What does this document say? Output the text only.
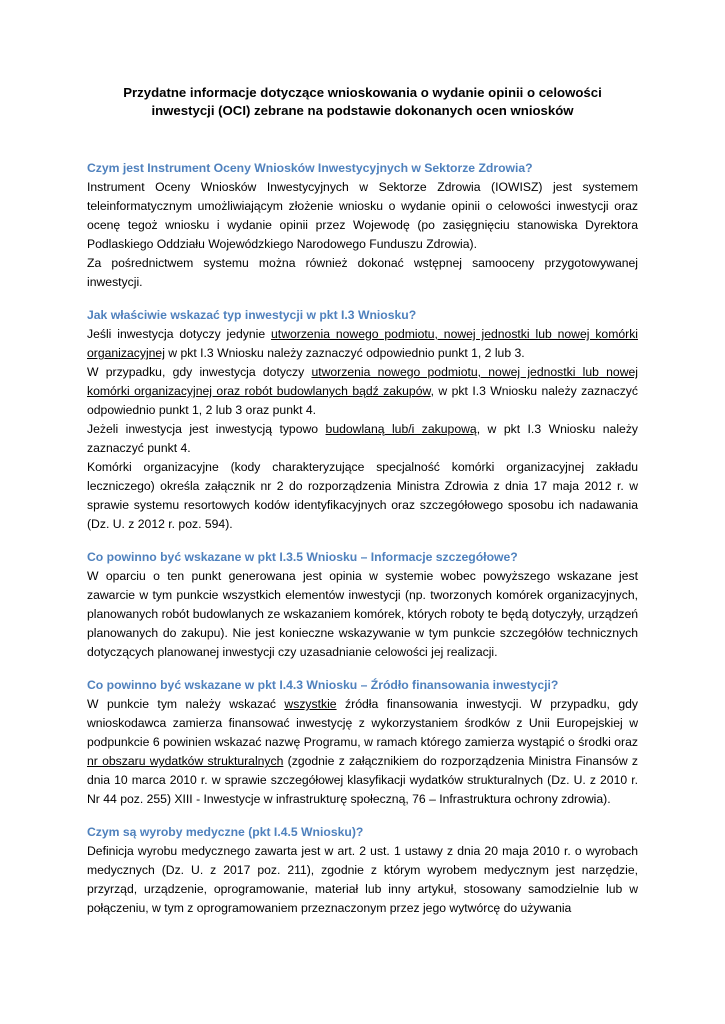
Przydatne informacje dotyczące wnioskowania o wydanie opinii o celowości
inwestycji (OCI) zebrane na podstawie dokonanych ocen wniosków
Czym jest Instrument Oceny Wniosków Inwestycyjnych w Sektorze Zdrowia?

Instrument Oceny Wniosków Inwestycyjnych w Sektorze Zdrowia (IOWISZ) jest systemem teleinformatycznym umożliwiającym złożenie wniosku o wydanie opinii o celowości inwestycji oraz ocenę tegoż wniosku i wydanie opinii przez Wojewodę (po zasięgnięciu stanowiska Dyrektora Podlaskiego Oddziału Wojewódzkiego Narodowego Funduszu Zdrowia).

Za pośrednictwem systemu można również dokonać wstępnej samooceny przygotowywanej inwestycji.

Jak właściwie wskazać typ inwestycji w pkt I.3 Wniosku?

Jeśli inwestycja dotyczy jedynie utworzenia nowego podmiotu, nowej jednostki lub nowej komórki organizacyjnej w pkt I.3 Wniosku należy zaznaczyć odpowiednio punkt 1, 2 lub 3.

W przypadku, gdy inwestycja dotyczy utworzenia nowego podmiotu, nowej jednostki lub nowej komórki organizacyjnej oraz robót budowlanych bądź zakupów, w pkt I.3 Wniosku należy zaznaczyć odpowiednio punkt 1, 2 lub 3 oraz punkt 4.

Jeżeli inwestycja jest inwestycją typowo budowlaną lub/i zakupową, w pkt I.3 Wniosku należy zaznaczyć punkt 4.

Komórki organizacyjne (kody charakteryzujące specjalność komórki organizacyjnej zakładu leczniczego) określa załącznik nr 2 do rozporządzenia Ministra Zdrowia z dnia 17 maja 2012 r. w sprawie systemu resortowych kodów identyfikacyjnych oraz szczegółowego sposobu ich nadawania (Dz. U. z 2012 r. poz. 594).

Co powinno być wskazane w pkt I.3.5 Wniosku – Informacje szczegółowe?

W oparciu o ten punkt generowana jest opinia w systemie wobec powyższego wskazane jest zawarcie w tym punkcie wszystkich elementów inwestycji (np. tworzonych komórek organizacyjnych, planowanych robót budowlanych ze wskazaniem komórek, których roboty te będą dotyczyły, urządzeń planowanych do zakupu). Nie jest konieczne wskazywanie w tym punkcie szczegółów technicznych dotyczących planowanej inwestycji czy uzasadnianie celowości jej realizacji.

Co powinno być wskazane w pkt I.4.3 Wniosku – Źródło finansowania inwestycji?

W punkcie tym należy wskazać wszystkie źródła finansowania inwestycji. W przypadku, gdy wnioskodawca zamierza finansować inwestycję z wykorzystaniem środków z Unii Europejskiej w podpunkcie 6 powinien wskazać nazwę Programu, w ramach którego zamierza wystąpić o środki oraz nr obszaru wydatków strukturalnych (zgodnie z załącznikiem do rozporządzenia Ministra Finansów z dnia 10 marca 2010 r. w sprawie szczegółowej klasyfikacji wydatków strukturalnych (Dz. U. z 2010 r. Nr 44 poz. 255) XIII - Inwestycje w infrastrukturę społeczną, 76 – Infrastruktura ochrony zdrowia).

Czym są wyroby medyczne (pkt I.4.5 Wniosku)?

Definicja wyrobu medycznego zawarta jest w art. 2 ust. 1 ustawy z dnia 20 maja 2010 r. o wyrobach medycznych (Dz. U. z 2017 poz. 211), zgodnie z którym wyrobem medycznym jest narzędzie, przyrząd, urządzenie, oprogramowanie, materiał lub inny artykuł, stosowany samodzielnie lub w połączeniu, w tym z oprogramowaniem przeznaczonym przez jego wytwórcę do używania
